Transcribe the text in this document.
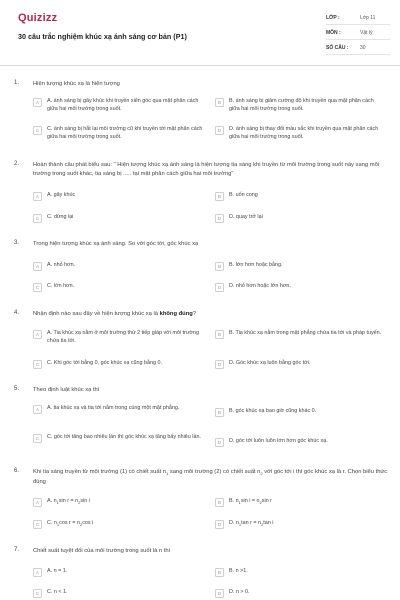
Quizizz
30 câu trắc nghiệm khúc xạ ánh sáng cơ bản (P1)
LỚP :	Lớp 11
MÔN :	Vật lý
SỐ CÂU :	30
1. Hiện tượng khúc xạ là hiện tượng
A	A. ánh sáng bị gãy khúc khi truyền xiên góc qua mặt phân cách giữa hai môi trường trong suốt.
B	B. ánh sáng bị giảm cường độ khi truyền qua mặt phân cách giữa hai môi trường trong suốt.
C	C. ánh sáng bị hắt lại môi trường cũ khi truyền tới mặt phân cách giữa hai môi trường trong suốt.
D	D. ánh sáng bị thay đổi màu sắc khi truyền qua mặt phân cách giữa hai môi trường trong suốt.
2. Hoàn thành câu phát biểu sau: " Hiện tượng khúc xạ ánh sáng là hiện tượng tia sáng khi truyền từ môi trường trong suốt này sang môi trường trong suốt khác, tia sáng bị ..... tại mặt phân cách giữa hai môi trường"
A	A. gãy khúc	B	B. uốn cong
C	C. dừng lại	D	D. quay trở lại
3. Trong hiện tượng khúc xạ ánh sáng. So với góc tới, góc khúc xạ
A	A. nhỏ hơn.	B	B. lớn hơn hoặc bằng.
C	C. lớn hơn.	D	D. nhỏ hơn hoặc lớn hơn.
4. Nhận định nào sau đây về hiện tượng khúc xạ là không đúng?
A	A. Tia khúc xạ nằm ở môi trường thứ 2 tiếp giáp với môi trường chứa tia tới.
B	B. Tia khúc xạ nằm trong mặt phẳng chứa tia tới và pháp tuyến.
C	C. Khi góc tới bằng 0, góc khúc xạ cũng bằng 0.	D	D. Góc khúc xạ luôn bằng góc tới.
5. Theo định luật khúc xạ thì
A	A. tia khúc xạ và tia tới nằm trong cùng một mặt phẳng.
B	B. góc khúc xạ bao giờ cũng khác 0.
C	C. góc tới tăng bao nhiêu lần thì góc khúc xạ tăng bấy nhiêu lần.
D	D. góc tới luôn luôn lớn hơn góc khúc xạ.
6. Khi tia sáng truyền từ môi trường (1) có chiết suất $n_1$ sang môi trường (2) có chiết suất $n_2$ với góc tới i thì góc khúc xạ là r. Chọn biểu thức đúng
A	A. $n_1\sin$ $r = n_2\sin$ i	B	B. $n_1\sin$ $i = n_2\sin$ r
C	C. $n_1\cos$ $r = n_2\cos$ i	D	D. $n_1\tan$ $r = n_2\tan$ i
7. Chiết suất tuyệt đối của môi trường trong suốt là n thì
A	A. n = 1.	B	B. n >1.
C	C. n < 1.	D	D. n > 0.
